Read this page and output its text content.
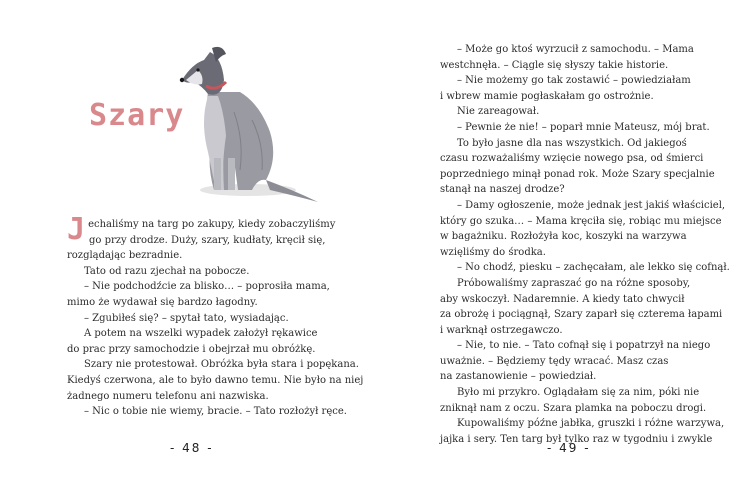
Szary
J echaliśmy na targ po zakupy, kiedy zobaczyliśmy

go przy drodze. Duży, szary, kudłaty, kręcił się,

rozglądając bezradnie.

Tato od razu zjechał na pobocze.

– Nie podchodźcie za blisko… – poprosiła mama,

mimo że wydawał się bardzo łagodny.

– Zgubiłeś się? – spytał tato, wysiadając.

A potem na wszelki wypadek założył rękawice

do prac przy samochodzie i obejrzał mu obróżkę.

Szary nie protestował. Obróżka była stara i popękana.

Kiedyś czerwona, ale to było dawno temu. Nie było na niej

żadnego numeru telefonu ani nazwiska.

– Nic o tobie nie wiemy, bracie. – Tato rozłożył ręce.

- 48 -

– Może go ktoś wyrzucił z samochodu. – Mama

westchnęła. – Ciągle się słyszy takie historie.

– Nie możemy go tak zostawić – powiedziałam

i wbrew mamie pogłaskałam go ostrożnie.

Nie zareagował.

– Pewnie że nie! – poparł mnie Mateusz, mój brat.

To było jasne dla nas wszystkich. Od jakiegoś

czasu rozważaliśmy wzięcie nowego psa, od śmierci

poprzedniego minął ponad rok. Może Szary specjalnie

stanął na naszej drodze?

– Damy ogłoszenie, może jednak jest jakiś właściciel,

który go szuka… – Mama kręciła się, robiąc mu miejsce

w bagażniku. Rozłożyła koc, koszyki na warzywa

wzięliśmy do środka.

– No chodź, piesku – zachęcałam, ale lekko się cofnął.

Próbowaliśmy zapraszać go na różne sposoby,

aby wskoczył. Nadaremnie. A kiedy tato chwycił

za obrożę i pociągnął, Szary zaparł się czterema łapami

i warknął ostrzegawczo.

– Nie, to nie. – Tato cofnął się i popatrzył na niego

uważnie. – Będziemy tędy wracać. Masz czas

na zastanowienie – powiedział.

Było mi przykro. Oglądałam się za nim, póki nie

zniknął nam z oczu. Szara plamka na poboczu drogi.

Kupowaliśmy późne jabłka, gruszki i różne warzywa,

jajka i sery. Ten targ był tylko raz w tygodniu i zwykle

- 49 -
